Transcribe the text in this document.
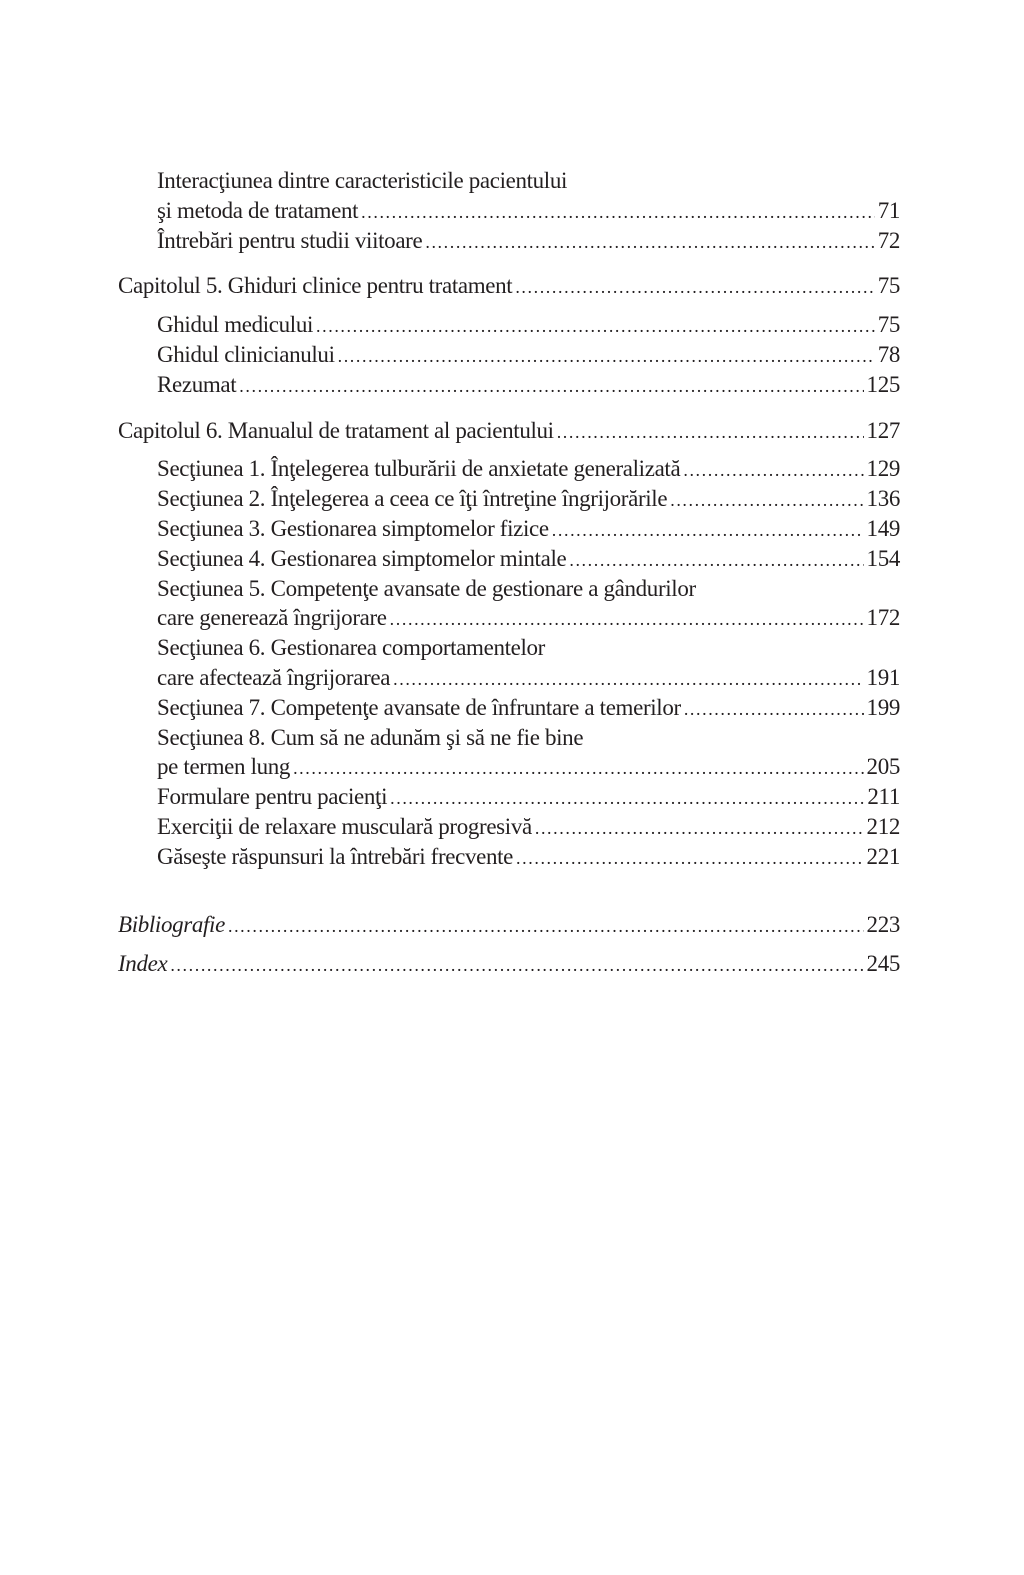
Interacţiunea dintre caracteristicile pacientului
şi metoda de tratament .....	71
Întrebări pentru studii viitoare .....	72
Capitolul 5. Ghiduri clinice pentru tratament .....	75
Ghidul medicului .....	75
Ghidul clinicianului .....	78
Rezumat .....	125
Capitolul 6. Manualul de tratament al pacientului .....	127
Secţiunea 1. Înţelegerea tulburării de anxietate generalizată .....	129
Secţiunea 2. Înţelegerea a ceea ce îţi întreţine îngrijorările .....	136
Secţiunea 3. Gestionarea simptomelor fizice .....	149
Secţiunea 4. Gestionarea simptomelor mintale .....	154
Secţiunea 5. Competenţe avansate de gestionare a gândurilor
care generează îngrijorare .....	172
Secţiunea 6. Gestionarea comportamentelor
care afectează îngrijorarea .....	191
Secţiunea 7. Competenţe avansate de înfruntare a temerilor .....	199
Secţiunea 8. Cum să ne adunăm şi să ne fie bine
pe termen lung .....	205
Formulare pentru pacienţi .....	211
Exerciţii de relaxare musculară progresivă .....	212
Găseşte răspunsuri la întrebări frecvente .....	221
Bibliografie .....	223
Index .....	245
